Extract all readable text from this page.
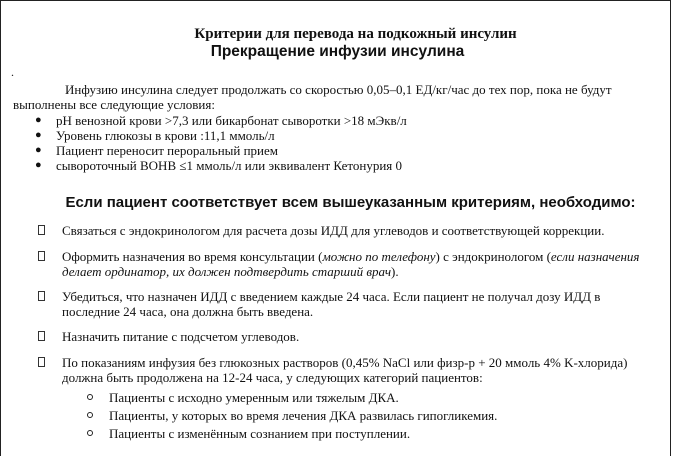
Критерии для перевода на подкожный инсулин
Прекращение инфузии инсулина
.
Инфузию инсулина следует продолжать со скоростью 0,05–0,1 ЕД/кг/час до тех пор, пока не будут выполнены все следующие условия:
● pH венозной крови >7,3 или бикарбонат сыворотки >18 мЭкв/л
● Уровень глюкозы в крови :11,1 ммоль/л
● Пациент переносит пероральный прием
● сывороточный ВОНВ ≤1 ммоль/л или эквивалент Кетонурия 0
Если пациент соответствует всем вышеуказанным критериям, необходимо:
Связаться с эндокринологом для расчета дозы ИДД для углеводов и соответствующей коррекции.
Оформить назначения во время консультации (можно по телефону) с эндокринологом (если назначения делает ординатор, их должен подтвердить старший врач).
Убедиться, что назначен ИДД с введением каждые 24 часа. Если пациент не получал дозу ИДД в последние 24 часа, она должна быть введена.
Назначить питание с подсчетом углеводов.
По показаниям инфузия без глюкозных растворов (0,45% NaCl или физр-р + 20 ммоль 4% K-хлорида) должна быть продолжена на 12-24 часа, у следующих категорий пациентов:
Пациенты с исходно умеренным или тяжелым ДКА.
Пациенты, у которых во время лечения ДКА развилась гипогликемия.
Пациенты с изменённым сознанием при поступлении.
